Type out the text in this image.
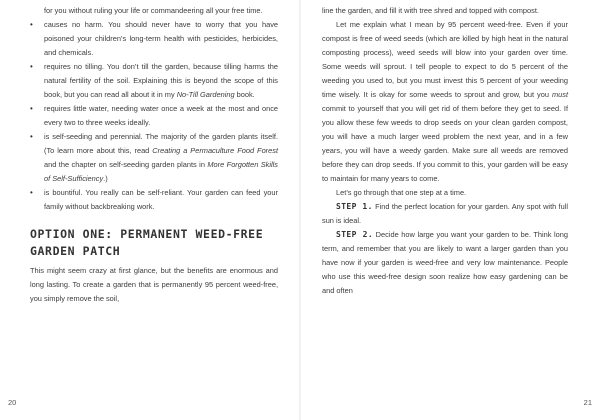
for you without ruling your life or commandeering all your free time.
• causes no harm. You should never have to worry that you have poisoned your children’s long-term health with pesticides, herbicides, and chemicals.
• requires no tilling. You don’t till the garden, because tilling harms the natural fertility of the soil. Explaining this is beyond the scope of this book, but you can read all about it in my No-Till Gardening book.
• requires little water, needing water once a week at the most and once every two to three weeks ideally.
• is self-seeding and perennial. The majority of the garden plants itself. (To learn more about this, read Creating a Permaculture Food Forest and the chapter on self-seeding garden plants in More Forgotten Skills of Self-Sufficiency.)
• is bountiful. You really can be self-reliant. Your garden can feed your family without backbreaking work.
OPTION ONE: PERMANENT WEED-FREE GARDEN PATCH

This might seem crazy at first glance, but the benefits are enormous and long lasting. To create a garden that is permanently 95 percent weed-free, you simply remove the soil,

20

line the garden, and fill it with tree shred and topped with compost.

Let me explain what I mean by 95 percent weed-free. Even if your compost is free of weed seeds (which are killed by high heat in the natural composting process), weed seeds will blow into your garden over time. Some weeds will sprout. I tell people to expect to do 5 percent of the weeding you used to, but you must invest this 5 percent of your weeding time wisely. It is okay for some weeds to sprout and grow, but you must commit to yourself that you will get rid of them before they get to seed. If you allow these few weeds to drop seeds on your clean garden compost, you will have a much larger weed problem the next year, and in a few years, you will have a weedy garden. Make sure all weeds are removed before they can drop seeds. If you commit to this, your garden will be easy to maintain for many years to come.

Let’s go through that one step at a time.

STEP 1. Find the perfect location for your garden. Any spot with full sun is ideal.

STEP 2. Decide how large you want your garden to be. Think long term, and remember that you are likely to want a larger garden than you have now if your garden is weed-free and very low maintenance. People who use this weed-free design soon realize how easy gardening can be and often

21
